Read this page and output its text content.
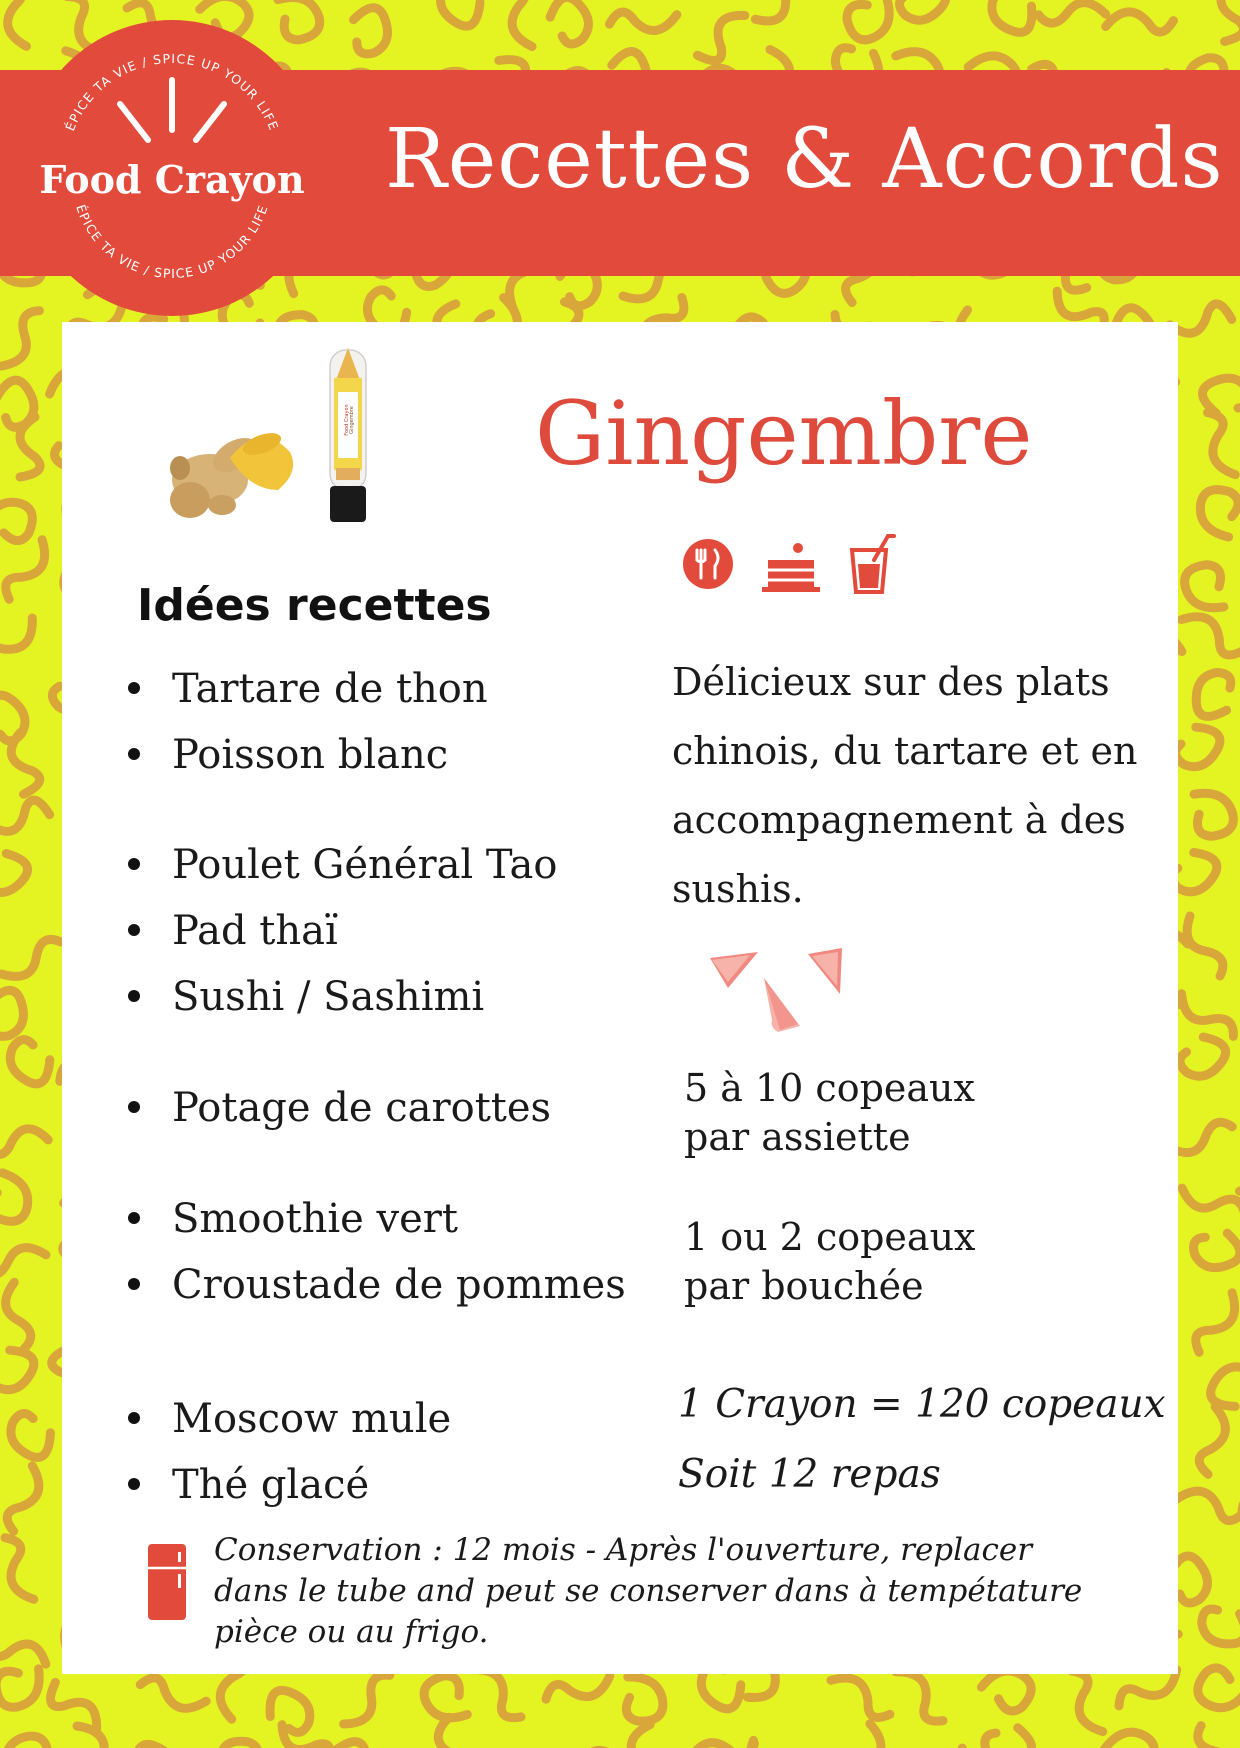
Recettes & Accords
ÉPICE TA VIE / SPICE UP YOUR LIFE
ÉPICE TA VIE / SPICE UP YOUR LIFE
Food Crayon
Food Crayon Gingembre Gingembre
Idées recettes
Tartare de thon
Poisson blanc
Poulet Général Tao
Pad thaï
Sushi / Sashimi
Potage de carottes
Smoothie vert
Croustade de pommes
Moscow mule
Thé glacé
Délicieux sur des plats chinois, du tartare et en accompagnement à des sushis.
5 à 10 copeaux
par assiette
1 ou 2 copeaux
par bouchée
1 Crayon = 120 copeaux
Soit 12 repas
Conservation : 12 mois - Après l'ouverture, replacer dans le tube and peut se conserver dans à tempétature pièce ou au frigo.
